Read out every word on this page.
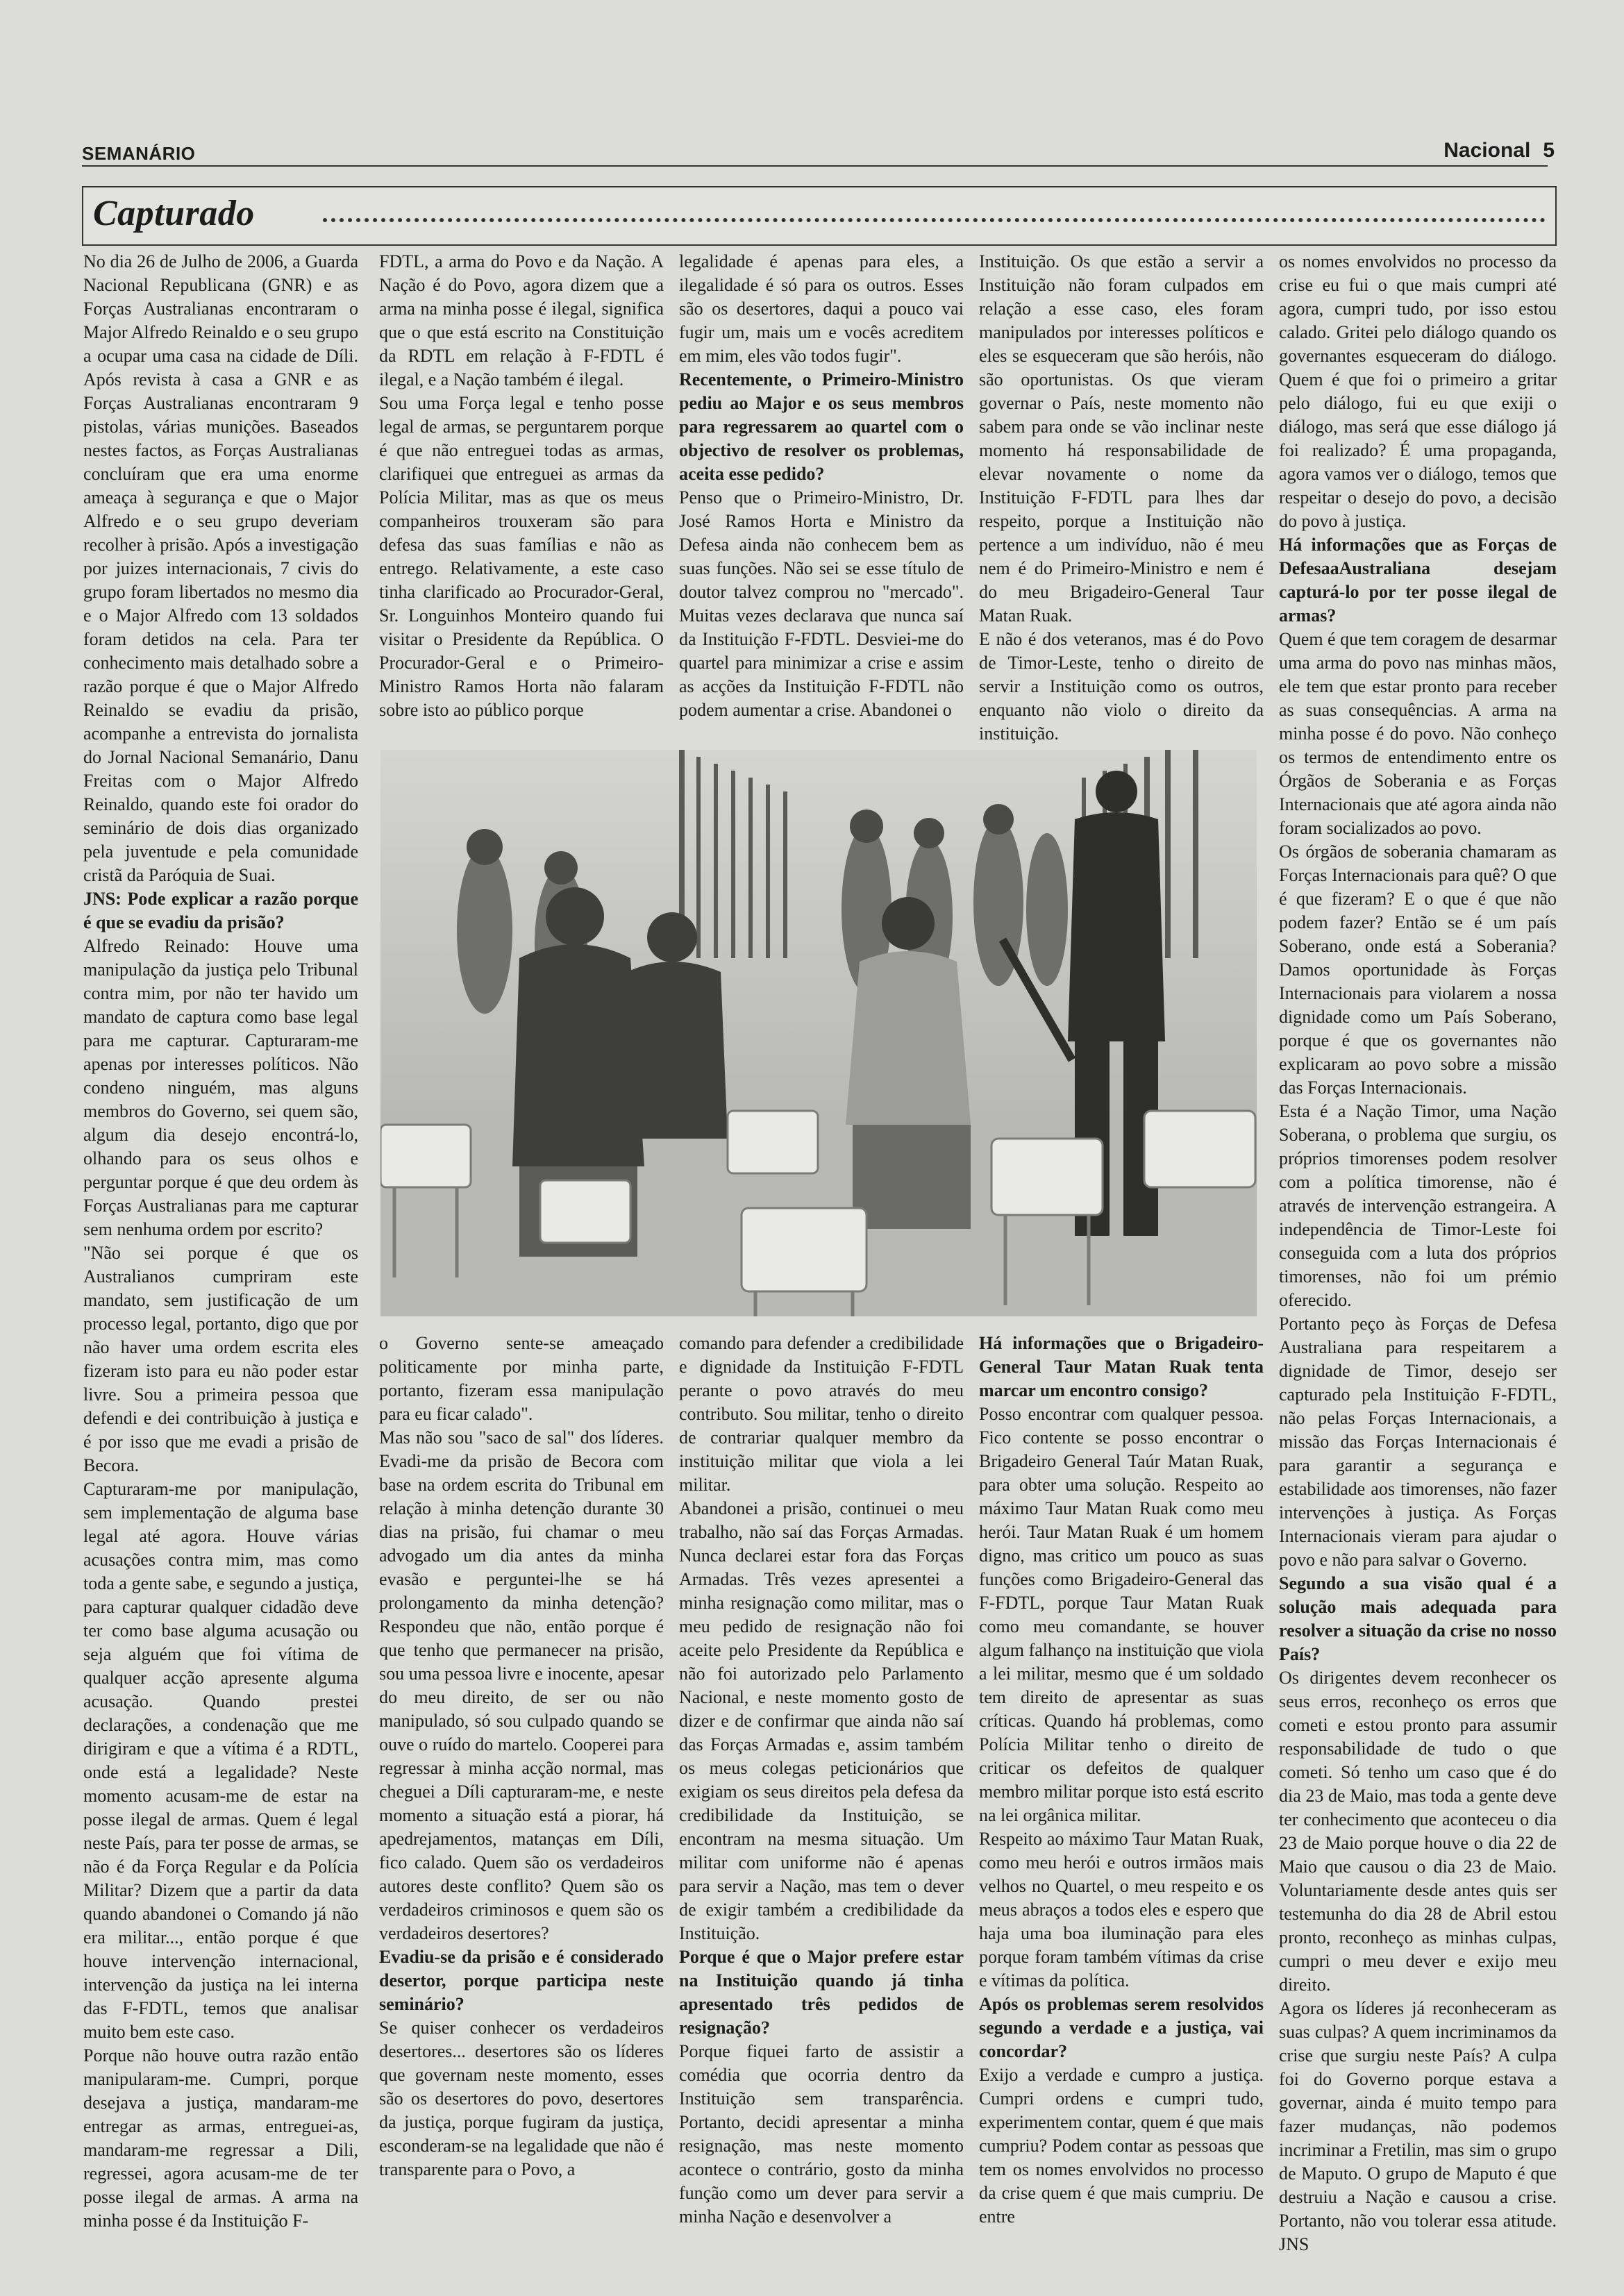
SEMANÁRIO	Nacional 5
Capturado

No dia 26 de Julho de 2006, a Guarda Nacional Republicana (GNR) e as Forças Australianas encontraram o Major Alfredo Reinaldo e o seu grupo a ocupar uma casa na cidade de Díli. Após revista à casa a GNR e as Forças Australianas encontraram 9 pistolas, várias munições. Baseados nestes factos, as Forças Australianas concluíram que era uma enorme ameaça à segurança e que o Major Alfredo e o seu grupo deveriam recolher à prisão. Após a investigação por juizes internacionais, 7 civis do grupo foram libertados no mesmo dia e o Major Alfredo com 13 soldados foram detidos na cela. Para ter conhecimento mais detalhado sobre a razão porque é que o Major Alfredo Reinaldo se evadiu da prisão, acompanhe a entrevista do jornalista do Jornal Nacional Semanário, Danu Freitas com o Major Alfredo Reinaldo, quando este foi orador do seminário de dois dias organizado pela juventude e pela comunidade cristã da Paróquia de Suai.

JNS: Pode explicar a razão porque é que se evadiu da prisão?

Alfredo Reinado: Houve uma manipulação da justiça pelo Tribunal contra mim, por não ter havido um mandato de captura como base legal para me capturar. Capturaram-me apenas por interesses políticos. Não condeno ninguém, mas alguns membros do Governo, sei quem são, algum dia desejo encontrá-lo, olhando para os seus olhos e perguntar porque é que deu ordem às Forças Australianas para me capturar sem nenhuma ordem por escrito?

"Não sei porque é que os Australianos cumpriram este mandato, sem justificação de um processo legal, portanto, digo que por não haver uma ordem escrita eles fizeram isto para eu não poder estar livre. Sou a primeira pessoa que defendi e dei contribuição à justiça e é por isso que me evadi a prisão de Becora.

Capturaram-me por manipulação, sem implementação de alguma base legal até agora. Houve várias acusações contra mim, mas como toda a gente sabe, e segundo a justiça, para capturar qualquer cidadão deve ter como base alguma acusação ou seja alguém que foi vítima de qualquer acção apresente alguma acusação. Quando prestei declarações, a condenação que me dirigiram e que a vítima é a RDTL, onde está a legalidade? Neste momento acusam-me de estar na posse ilegal de armas. Quem é legal neste País, para ter posse de armas, se não é da Força Regular e da Polícia Militar? Dizem que a partir da data quando abandonei o Comando já não era militar..., então porque é que houve intervenção internacional, intervenção da justiça na lei interna das F-FDTL, temos que analisar muito bem este caso.

Porque não houve outra razão então manipularam-me. Cumpri, porque desejava a justiça, mandaram-me entregar as armas, entreguei-as, mandaram-me regressar a Dili, regressei, agora acusam-me de ter posse ilegal de armas. A arma na minha posse é da Instituição F-

FDTL, a arma do Povo e da Nação. A Nação é do Povo, agora dizem que a arma na minha posse é ilegal, significa que o que está escrito na Constituição da RDTL em relação à F-FDTL é ilegal, e a Nação também é ilegal.

Sou uma Força legal e tenho posse legal de armas, se perguntarem porque é que não entreguei todas as armas, clarifiquei que entreguei as armas da Polícia Militar, mas as que os meus companheiros trouxeram são para defesa das suas famílias e não as entrego. Relativamente, a este caso tinha clarificado ao Procurador-Geral, Sr. Longuinhos Monteiro quando fui visitar o Presidente da República. O Procurador-Geral e o Primeiro-Ministro Ramos Horta não falaram sobre isto ao público porque

legalidade é apenas para eles, a ilegalidade é só para os outros. Esses são os desertores, daqui a pouco vai fugir um, mais um e vocês acreditem em mim, eles vão todos fugir".

Recentemente, o Primeiro-Ministro pediu ao Major e os seus membros para regressarem ao quartel com o objectivo de resolver os problemas, aceita esse pedido?

Penso que o Primeiro-Ministro, Dr. José Ramos Horta e Ministro da Defesa ainda não conhecem bem as suas funções. Não sei se esse título de doutor talvez comprou no "mercado". Muitas vezes declarava que nunca saí da Instituição F-FDTL. Desviei-me do quartel para minimizar a crise e assim as acções da Instituição F-FDTL não podem aumentar a crise. Abandonei o

Instituição. Os que estão a servir a Instituição não foram culpados em relação a esse caso, eles foram manipulados por interesses políticos e eles se esqueceram que são heróis, não são oportunistas. Os que vieram governar o País, neste momento não sabem para onde se vão inclinar neste momento há responsabilidade de elevar novamente o nome da Instituição F-FDTL para lhes dar respeito, porque a Instituição não pertence a um indivíduo, não é meu nem é do Primeiro-Ministro e nem é do meu Brigadeiro-General Taur Matan Ruak.

E não é dos veteranos, mas é do Povo de Timor-Leste, tenho o direito de servir a Instituição como os outros, enquanto não violo o direito da instituição.

os nomes envolvidos no processo da crise eu fui o que mais cumpri até agora, cumpri tudo, por isso estou calado. Gritei pelo diálogo quando os governantes esqueceram do diálogo. Quem é que foi o primeiro a gritar pelo diálogo, fui eu que exiji o diálogo, mas será que esse diálogo já foi realizado? É uma propaganda, agora vamos ver o diálogo, temos que respeitar o desejo do povo, a decisão do povo à justiça.

Há informações que as Forças de DefesaaAustraliana desejam capturá-lo por ter posse ilegal de armas?

Quem é que tem coragem de desarmar uma arma do povo nas minhas mãos, ele tem que estar pronto para receber as suas consequências. A arma na minha posse é do povo. Não conheço os termos de entendimento entre os Órgãos de Soberania e as Forças Internacionais que até agora ainda não foram socializados ao povo.

Os órgãos de soberania chamaram as Forças Internacionais para quê? O que é que fizeram? E o que é que não podem fazer? Então se é um país Soberano, onde está a Soberania? Damos oportunidade às Forças Internacionais para violarem a nossa dignidade como um País Soberano, porque é que os governantes não explicaram ao povo sobre a missão das Forças Internacionais.

Esta é a Nação Timor, uma Nação Soberana, o problema que surgiu, os próprios timorenses podem resolver com a política timorense, não é através de intervenção estrangeira. A independência de Timor-Leste foi conseguida com a luta dos próprios timorenses, não foi um prémio oferecido.

Portanto peço às Forças de Defesa Australiana para respeitarem a dignidade de Timor, desejo ser capturado pela Instituição F-FDTL, não pelas Forças Internacionais, a missão das Forças Internacionais é para garantir a segurança e estabilidade aos timorenses, não fazer intervenções à justiça. As Forças Internacionais vieram para ajudar o povo e não para salvar o Governo.

Segundo a sua visão qual é a solução mais adequada para resolver a situação da crise no nosso País?

Os dirigentes devem reconhecer os seus erros, reconheço os erros que cometi e estou pronto para assumir responsabilidade de tudo o que cometi. Só tenho um caso que é do dia 23 de Maio, mas toda a gente deve ter conhecimento que aconteceu o dia 23 de Maio porque houve o dia 22 de Maio que causou o dia 23 de Maio. Voluntariamente desde antes quis ser testemunha do dia 28 de Abril estou pronto, reconheço as minhas culpas, cumpri o meu dever e exijo meu direito.

Agora os líderes já reconheceram as suas culpas? A quem incriminamos da crise que surgiu neste País? A culpa foi do Governo porque estava a governar, ainda é muito tempo para fazer mudanças, não podemos incriminar a Fretilin, mas sim o grupo de Maputo. O grupo de Maputo é que destruiu a Nação e causou a crise. Portanto, não vou tolerar essa atitude. JNS

o Governo sente-se ameaçado politicamente por minha parte, portanto, fizeram essa manipulação para eu ficar calado".

Mas não sou "saco de sal" dos líderes. Evadi-me da prisão de Becora com base na ordem escrita do Tribunal em relação à minha detenção durante 30 dias na prisão, fui chamar o meu advogado um dia antes da minha evasão e perguntei-lhe se há prolongamento da minha detenção? Respondeu que não, então porque é que tenho que permanecer na prisão, sou uma pessoa livre e inocente, apesar do meu direito, de ser ou não manipulado, só sou culpado quando se ouve o ruído do martelo. Cooperei para regressar à minha acção normal, mas cheguei a Díli capturaram-me, e neste momento a situação está a piorar, há apedrejamentos, matanças em Díli, fico calado. Quem são os verdadeiros autores deste conflito? Quem são os verdadeiros criminosos e quem são os verdadeiros desertores?

Evadiu-se da prisão e é considerado desertor, porque participa neste seminário?

Se quiser conhecer os verdadeiros desertores... desertores são os líderes que governam neste momento, esses são os desertores do povo, desertores da justiça, porque fugiram da justiça, esconderam-se na legalidade que não é transparente para o Povo, a

comando para defender a credibilidade e dignidade da Instituição F-FDTL perante o povo através do meu contributo. Sou militar, tenho o direito de contrariar qualquer membro da instituição militar que viola a lei militar.

Abandonei a prisão, continuei o meu trabalho, não saí das Forças Armadas. Nunca declarei estar fora das Forças Armadas. Três vezes apresentei a minha resignação como militar, mas o meu pedido de resignação não foi aceite pelo Presidente da República e não foi autorizado pelo Parlamento Nacional, e neste momento gosto de dizer e de confirmar que ainda não saí das Forças Armadas e, assim também os meus colegas peticionários que exigiam os seus direitos pela defesa da credibilidade da Instituição, se encontram na mesma situação. Um militar com uniforme não é apenas para servir a Nação, mas tem o dever de exigir também a credibilidade da Instituição.

Porque é que o Major prefere estar na Instituição quando já tinha apresentado três pedidos de resignação?

Porque fiquei farto de assistir a comédia que ocorria dentro da Instituição sem transparência. Portanto, decidi apresentar a minha resignação, mas neste momento acontece o contrário, gosto da minha função como um dever para servir a minha Nação e desenvolver a

Há informações que o Brigadeiro-General Taur Matan Ruak tenta marcar um encontro consigo?

Posso encontrar com qualquer pessoa. Fico contente se posso encontrar o Brigadeiro General Taúr Matan Ruak, para obter uma solução. Respeito ao máximo Taur Matan Ruak como meu herói. Taur Matan Ruak é um homem digno, mas critico um pouco as suas funções como Brigadeiro-General das F-FDTL, porque Taur Matan Ruak como meu comandante, se houver algum falhanço na instituição que viola a lei militar, mesmo que é um soldado tem direito de apresentar as suas críticas. Quando há problemas, como Polícia Militar tenho o direito de criticar os defeitos de qualquer membro militar porque isto está escrito na lei orgânica militar.

Respeito ao máximo Taur Matan Ruak, como meu herói e outros irmãos mais velhos no Quartel, o meu respeito e os meus abraços a todos eles e espero que haja uma boa iluminação para eles porque foram também vítimas da crise e vítimas da política.

Após os problemas serem resolvidos segundo a verdade e a justiça, vai concordar?

Exijo a verdade e cumpro a justiça. Cumpri ordens e cumpri tudo, experimentem contar, quem é que mais cumpriu? Podem contar as pessoas que tem os nomes envolvidos no processo da crise quem é que mais cumpriu. De entre
